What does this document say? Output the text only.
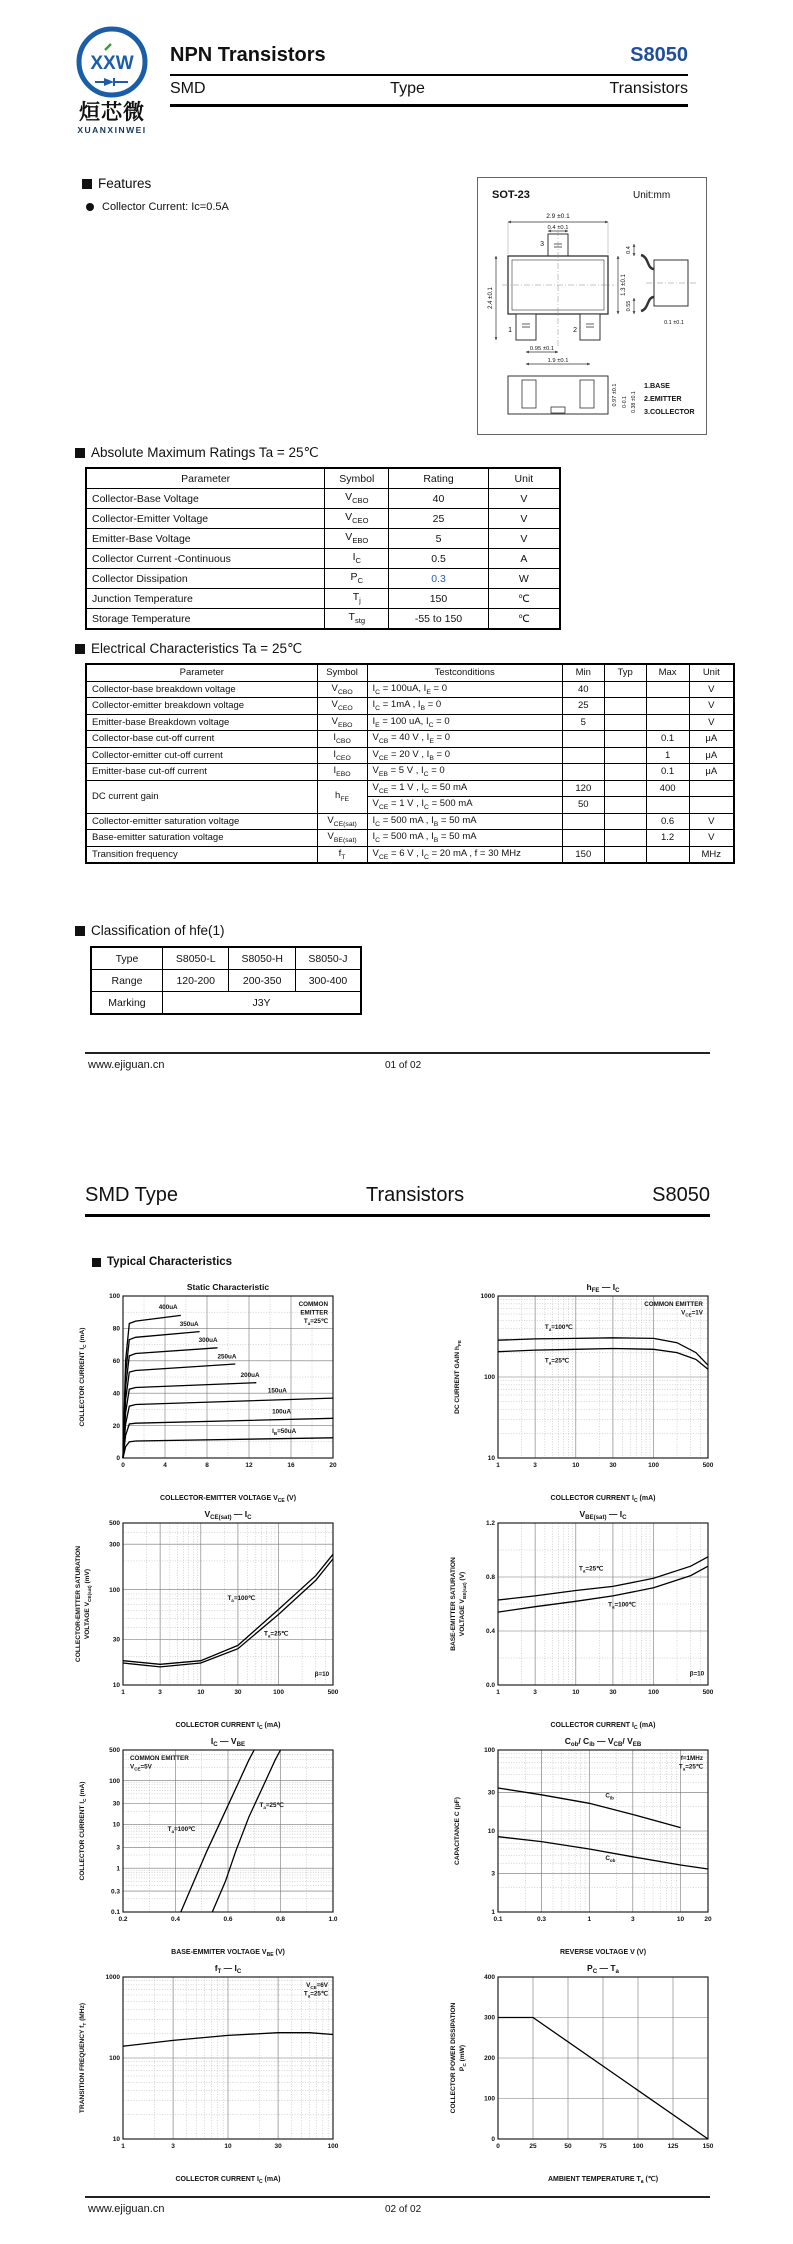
XXW
烜芯微
XUANXINWEI
NPN Transistors	S8050
SMD	Type	Transistors
Features
Collector Current: Ic=0.5A
SOT-23	Unit:mm
2.9 ±0.1
0.4 ±0.1
1	2
3
2.4 ±0.1
1.3 ±0.1
0.95 ±0.1
1.9 ±0.1
0.4
0.55
0.1 ±0.1
0.97 ±0.1 0-0.1 0.38 ±0.1
1.BASE
2.EMITTER
3.COLLECTOR
Absolute Maximum Ratings Ta = 25℃
Parameter	Symbol	Rating	Unit
Collector-Base Voltage	$V_{CBO}$	40	V
Collector-Emitter Voltage	$V_{CEO}$	25	V
Emitter-Base Voltage	$V_{EBO}$	5	V
Collector Current -Continuous	$I_C$	0.5	A
Collector Dissipation	$P_C$	0.3	W
Junction Temperature	$T_j$	150	℃
Storage Temperature	$T_{stg}$	-55 to 150	℃
Electrical Characteristics Ta = 25℃
Parameter	Symbol	Testconditions	Min	Typ	Max	Unit
Collector-base breakdown voltage	$V_{CBO}$	$I_C = 100uA$, $I_E = 0$	40			V
Collector-emitter breakdown voltage	$V_{CEO}$	$I_C = 1mA$ , $I_B = 0$	25			V
Emitter-base Breakdown voltage	$V_{EBO}$	$I_E = 100$ uA, $I_C = 0$	5			V
Collector-base cut-off current	$I_{CBO}$	$V_{CB} = 40$ V , $I_E = 0$			0.1	μA
Collector-emitter cut-off current	$I_{CEO}$	$V_{CE} = 20$ V , $I_B = 0$			1	μA
Emitter-base cut-off current	$I_{EBO}$	$V_{EB} = 5$ V , $I_C = 0$			0.1	μA
DC current gain	$h_{FE}$	$V_{CE} = 1$ V , $I_C = 50$ mA	120		400	
		$V_{CE} = 1$ V , $I_C = 500$ mA	50			
Collector-emitter saturation voltage	$V_{CE(sat)}$	$I_C = 500$ mA , $I_B = 50$ mA			0.6	V
Base-emitter saturation voltage	$V_{BE(sat)}$	$I_C = 500$ mA , $I_B = 50$ mA			1.2	V
Transition frequency	$f_T$	$V_{CE} = 6$ V , $I_C = 20$ mA , f = 30 MHz	150			MHz
Classification of hfe(1)
Type	S8050-L	S8050-H	S8050-J
Range	120-200	200-350	300-400
Marking	J3Y		
www.ejiguan.cn	01 of 02
SMD Type	Transistors	S8050
Typical Characteristics
0	4	8	12	16	20
0
20
40
60
80
100
400uA
350uA
300uA
250uA
200uA
150uA
100uA
$I_B=50uA$
COMMON
EMITTER
$T_a=25℃$
Static Characteristic
COLLECTOR-EMITTER VOLTAGE $V_{CE}$ (V)
COLLECTOR CURRENT $I_C$ (mA)
1	3	10	30	100	500
10
100
1000
$T_a=100℃$
$T_a=25℃$
COMMON EMITTER
$V_{CE}=1V$
$h_{FE}$ — $I_C$
COLLECTOR CURRENT $I_C$ (mA)
DC CURRENT GAIN $h_{FE}$
1	3	10	30	100	500
10
30
100
300
500
$T_a=100℃$
$T_a=25℃$
β=10
$V_{CE(sat)}$ — $I_C$
COLLECTOR CURRENT $I_C$ (mA)
COLLECTOR-EMITTER SATURATION VOLTAGE $V_{CE(sat)}$ (mV)
1	3	10	30	100	500
0.0
0.4
0.8
1.2
$T_a=25℃$
$T_a=100℃$
β=10
$V_{BE(sat)}$ — $I_C$
COLLECTOR CURRENT $I_C$ (mA)
BASE-EMITTER SATURATION VOLTAGE $V_{BE(sat)}$ (V)
0.2	0.4	0.6	0.8	1.0
0.1
0.3
1
3
10
30
100
500
$T_a=100℃$
$T_a=25℃$
COMMON EMITTER
$V_{CE}=5V$
$I_C$ — $V_{BE}$
BASE-EMMITER VOLTAGE $V_{BE}$ (V)
COLLECTOR CURRENT $I_C$ (mA)
0.1	0.3	1	3	10	20
1
3
10
30
100
$C_{ib}$
$C_{ob}$
f=1MHz
$T_a=25℃$
$C_{ob}/$ $C_{ib}$ — $V_{CB}/$ $V_{EB}$
REVERSE VOLTAGE V (V)
CAPACITANCE C (pF)
1	3	10	30	100
10
100
1000
$V_{CE}=6V$
$T_a=25℃$
$f_T$ — $I_C$
COLLECTOR CURRENT $I_C$ (mA)
TRANSITION FREQUENCY $f_T$ (MHz)
0	25	50	75	100	125	150
0
100
200
300
400
$P_C$ — $T_a$
AMBIENT TEMPERATURE $T_a$ (℃)
COLLECTOR POWER DISSIPATION $P_C$ (mW)
www.ejiguan.cn	02 of 02
